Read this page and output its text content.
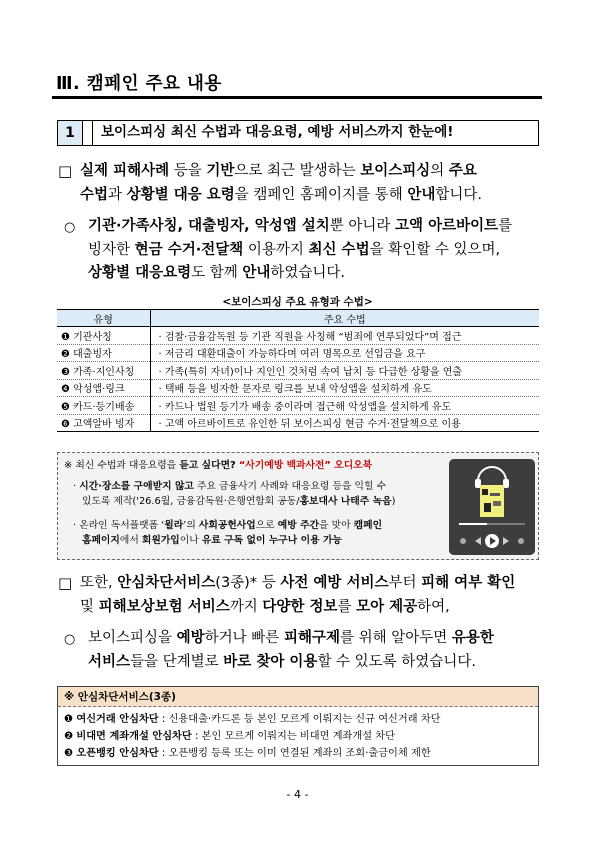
Ⅲ. 캠페인 주요 내용
1	보이스피싱 최신 수법과 대응요령, 예방 서비스까지 한눈에!
□ 실제 피해사례 등을 기반으로 최근 발생하는 보이스피싱의 주요
수법과 상황별 대응 요령을 캠페인 홈페이지를 통해 안내합니다.
○ 기관·가족사칭, 대출빙자, 악성앱 설치뿐 아니라 고액 아르바이트를
빙자한 현금 수거·전달책 이용까지 최신 수법을 확인할 수 있으며,
상황별 대응요령도 함께 안내하였습니다.
<보이스피싱 주요 유형과 수법>
유형	주요 수법
❶ 기관사칭	· 검찰·금융감독원 등 기관 직원을 사칭해 “범죄에 연루되었다”며 접근
❷ 대출빙자	· 저금리 대환대출이 가능하다며 여러 명목으로 선입금을 요구
❸ 가족·지인사칭	· 가족(특히 자녀)이나 지인인 것처럼 속여 납치 등 다급한 상황을 연출
❹ 악성앱·링크	· 택배 등을 빙자한 문자로 링크를 보내 악성앱을 설치하게 유도
❺ 카드·등기배송	· 카드나 법원 등기가 배송 중이라며 접근해 악성앱을 설치하게 유도
❻ 고액알바 빙자	· 고액 아르바이트로 유인한 뒤 보이스피싱 현금 수거·전달책으로 이용
※ 최신 수법과 대응요령을 듣고 싶다면? “사기예방 백과사전” 오디오북
· 시간·장소를 구애받지 않고 주요 금융사기 사례와 대응요령 등을 익힐 수
있도록 제작('26.6월, 금융감독원·은행연합회 공동/홍보대사 나태주 녹음)
· 온라인 독서플랫폼 ‘윌라’의 사회공헌사업으로 예방 주간을 맞아 캠페인
홈페이지에서 회원가입이나 유료 구독 없이 누구나 이용 가능
□ 또한, 안심차단서비스(3종)* 등 사전 예방 서비스부터 피해 여부 확인
및 피해보상보험 서비스까지 다양한 정보를 모아 제공하여,
○ 보이스피싱을 예방하거나 빠른 피해구제를 위해 알아두면 유용한
서비스들을 단계별로 바로 찾아 이용할 수 있도록 하였습니다.
※ 안심차단서비스(3종)
❶ 여신거래 안심차단 : 신용대출·카드론 등 본인 모르게 이뤄지는 신규 여신거래 차단
❷ 비대면 계좌개설 안심차단 : 본인 모르게 이뤄지는 비대면 계좌개설 차단
❸ 오픈뱅킹 안심차단 : 오픈뱅킹 등록 또는 이미 연결된 계좌의 조회·출금이체 제한
- 4 -
